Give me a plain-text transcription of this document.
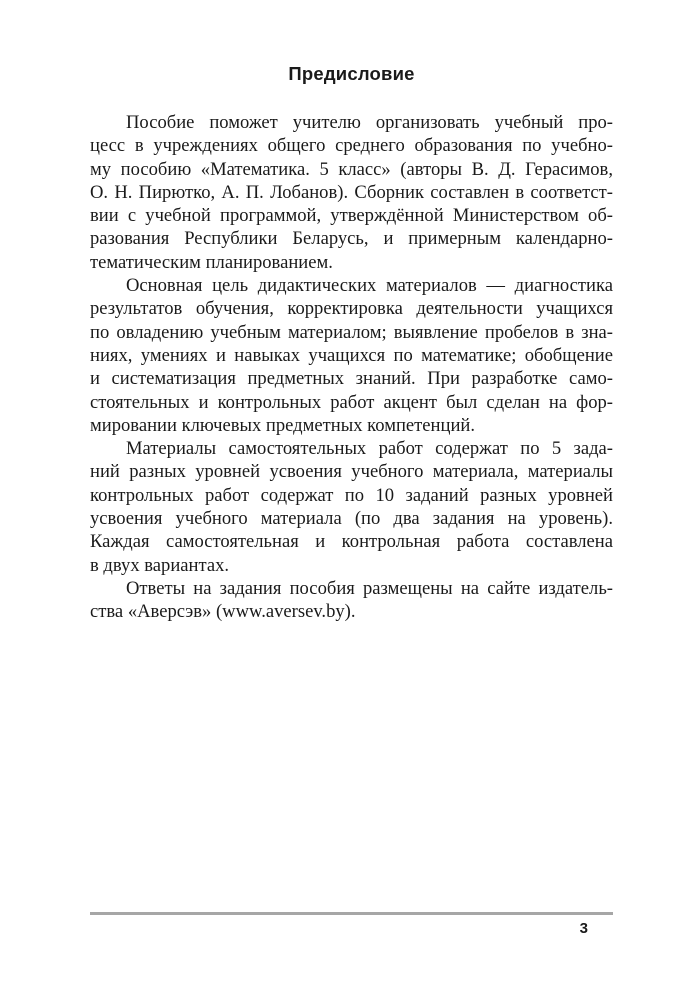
Предисловие

Пособие поможет учителю организовать учебный про-
цесс в учреждениях общего среднего образования по учебно-
му пособию «Математика. 5 класс» (авторы В. Д. Герасимов,
О. Н. Пирютко, А. П. Лобанов). Сборник составлен в соответст-
вии с учебной программой, утверждённой Министерством об-
разования Республики Беларусь, и примерным календарно-
тематическим планированием.

Основная цель дидактических материалов — диагностика
результатов обучения, корректировка деятельности учащихся
по овладению учебным материалом; выявление пробелов в зна-
ниях, умениях и навыках учащихся по математике; обобщение
и систематизация предметных знаний. При разработке само-
стоятельных и контрольных работ акцент был сделан на фор-
мировании ключевых предметных компетенций.

Материалы самостоятельных работ содержат по 5 зада-
ний разных уровней усвоения учебного материала, материалы
контрольных работ содержат по 10 заданий разных уровней
усвоения учебного материала (по два задания на уровень).
Каждая самостоятельная и контрольная работа составлена
в двух вариантах.

Ответы на задания пособия размещены на сайте издатель-
ства «Аверсэв» (www.aversev.by).

3
